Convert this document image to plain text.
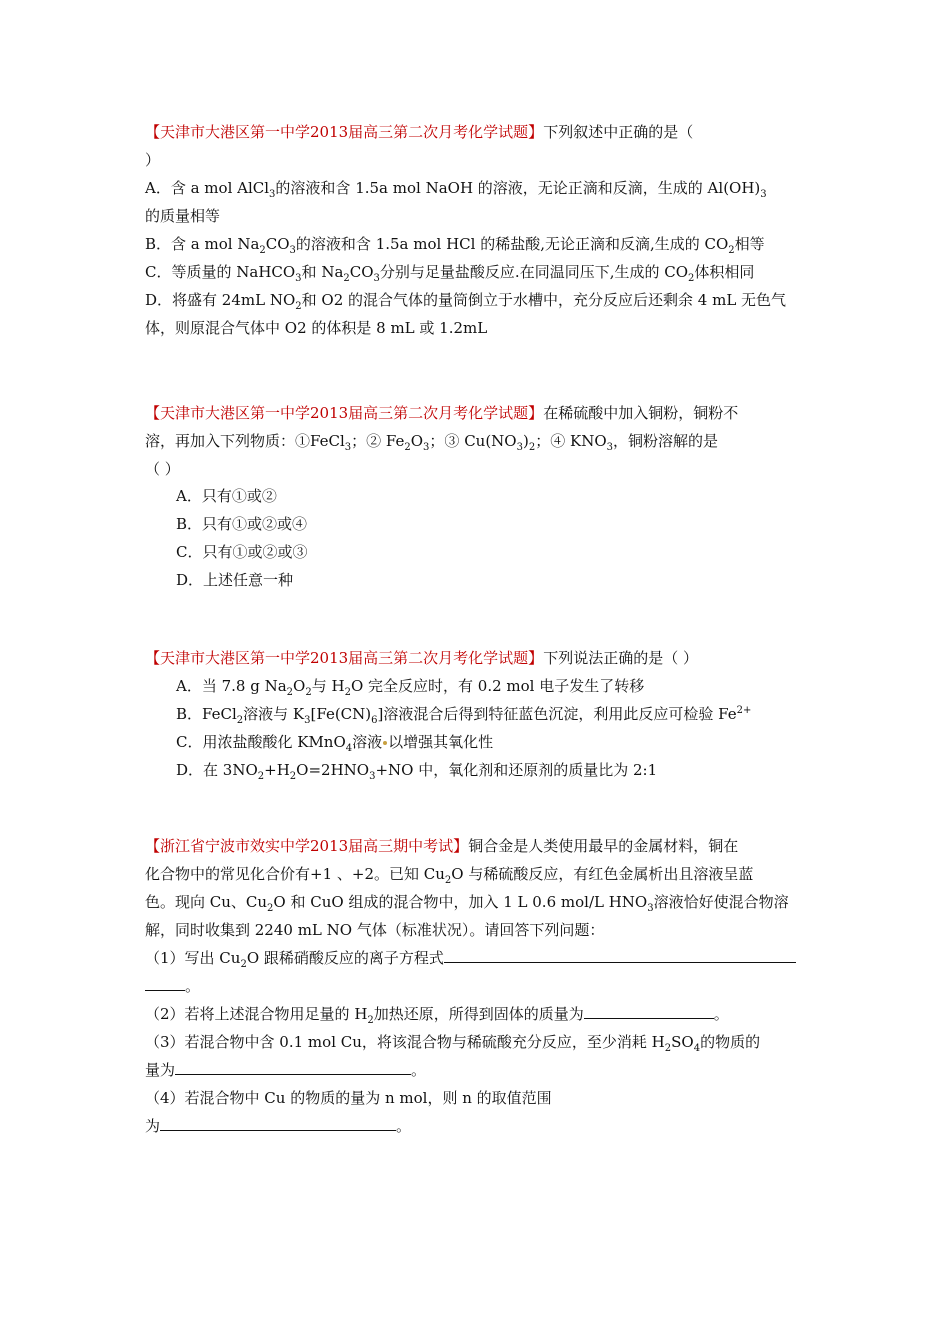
【天津市大港区第一中学2013届高三第二次月考化学试题】下列叙述中正确的是（
）
A．含 a mol AlCl$_3$的溶液和含 1.5a mol NaOH 的溶液，无论正滴和反滴，生成的 $Al(OH)_3$
的质量相等
B．含 a mol $Na_2CO_3$的溶液和含 1.5a mol HCl 的稀盐酸,无论正滴和反滴,生成的 $CO_2$相等
C．等质量的 NaHCO$_3$和 $Na_2CO_3$分别与足量盐酸反应.在同温同压下,生成的 $CO_2$体积相同
D．将盛有 24mL $NO_2$和 O2 的混合气体的量筒倒立于水槽中，充分反应后还剩余 4 mL 无色气
体，则原混合气体中 O2 的体积是 8 mL 或 1.2mL
【天津市大港区第一中学2013届高三第二次月考化学试题】在稀硫酸中加入铜粉，铜粉不
溶，再加入下列物质：①FeCl$_3$；② $Fe_2O_3$；③ $Cu(NO_3)_2$；④ $KNO_3$，铜粉溶解的是
（ ）
A．只有①或②
B．只有①或②或④
C．只有①或②或③
D．上述任意一种
【天津市大港区第一中学2013届高三第二次月考化学试题】下列说法正确的是（ ）
A．当 7.8 g $Na_2O_2$与 $H_2O$ 完全反应时，有 0.2 mol 电子发生了转移
B．FeCl$_2$溶液与 $K_3[Fe(CN)_6]$溶液混合后得到特征蓝色沉淀，利用此反应可检验 $Fe^{2+}$
C．用浓盐酸酸化 KMnO$_4$溶液 以增强其氧化性
D．在 $3NO_2+H_2O=2HNO_3+NO$ 中，氧化剂和还原剂的质量比为 2:1
【浙江省宁波市效实中学2013届高三期中考试】铜合金是人类使用最早的金属材料，铜在
化合物中的常见化合价有+1 、+2。已知 $Cu_2O$ 与稀硫酸反应，有红色金属析出且溶液呈蓝
色。现向 Cu、$Cu_2O$ 和 CuO 组成的混合物中，加入 1 L 0.6 mol/L $HNO_3$溶液恰好使混合物溶
解，同时收集到 2240 mL NO 气体（标准状况）。请回答下列问题：
（1）写出 $Cu_2O$ 跟稀硝酸反应的离子方程式
。
（2）若将上述混合物用足量的 $H_2$加热还原，所得到固体的质量为	。
（3）若混合物中含 0.1 mol Cu，将该混合物与稀硫酸充分反应，至少消耗 $H_2SO_4$的物质的
量为	。
（4）若混合物中 Cu 的物质的量为 n mol，则 n 的取值范围
为	。
